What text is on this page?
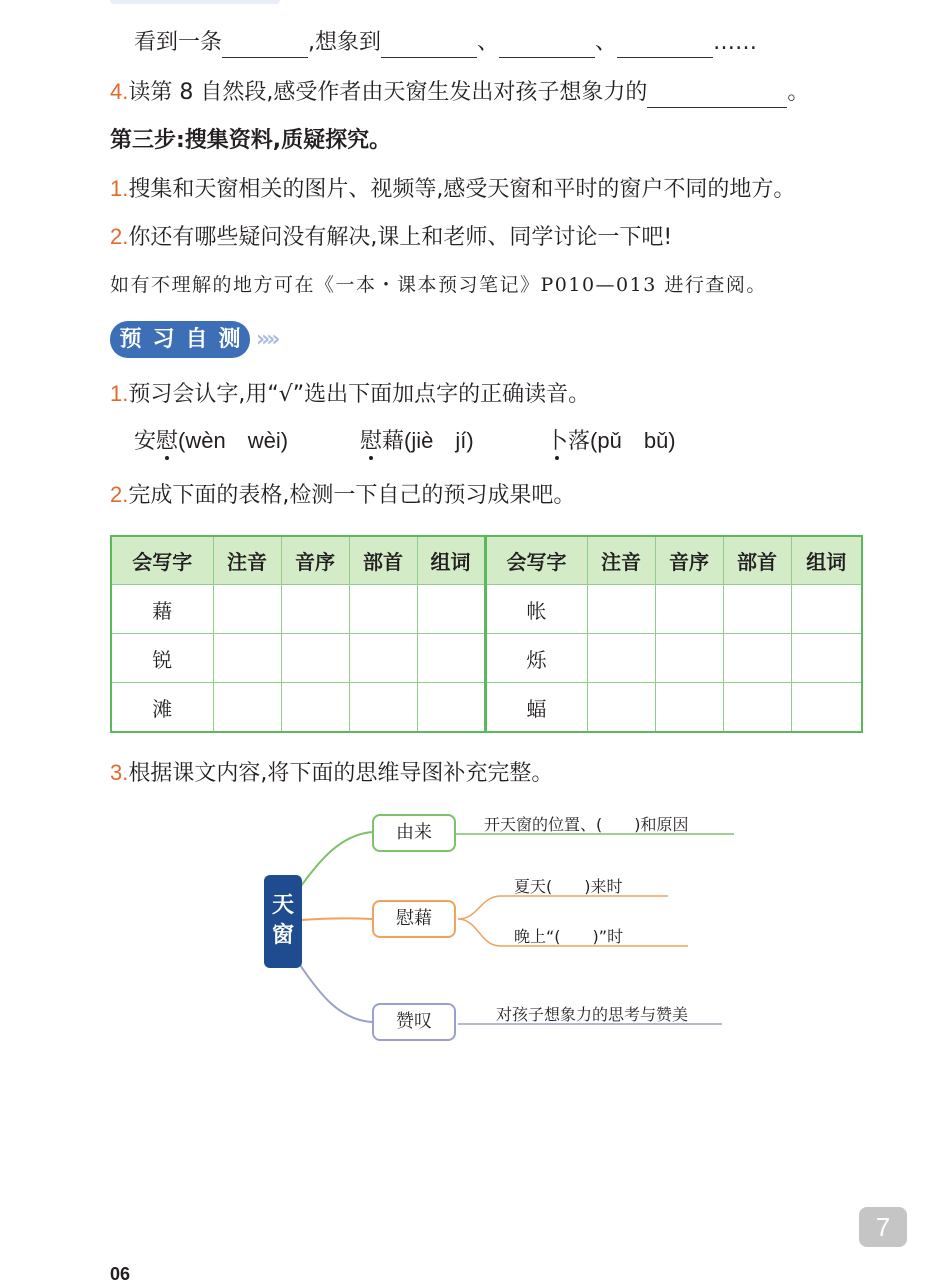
看到一条	,想象到	、	、	……
4.读第 8 自然段,感受作者由天窗生发出对孩子想象力的	。
第三步:搜集资料,质疑探究。
1.搜集和天窗相关的图片、视频等,感受天窗和平时的窗户不同的地方。
2.你还有哪些疑问没有解决,课上和老师、同学讨论一下吧!
如有不理解的地方可在《一本・课本预习笔记》P010—013 进行查阅。
预 习 自 测 »»
1.预习会认字,用“√”选出下面加点字的正确读音。
安慰(wèn　wèi)	慰藉(jiè　jí)	卜落(pǔ　bǔ)
2.完成下面的表格,检测一下自己的预习成果吧。
会写字	注音	音序	部首	组词	会写字	注音	音序	部首	组词
藉					帐				
锐					烁				
滩					蝠				
3.根据课文内容,将下面的思维导图补充完整。
天
窗
由来
慰藉
赞叹
开天窗的位置、(　　)和原因
夏天(　　)来时
晚上“(　　)”时
对孩子想象力的思考与赞美
7
06
